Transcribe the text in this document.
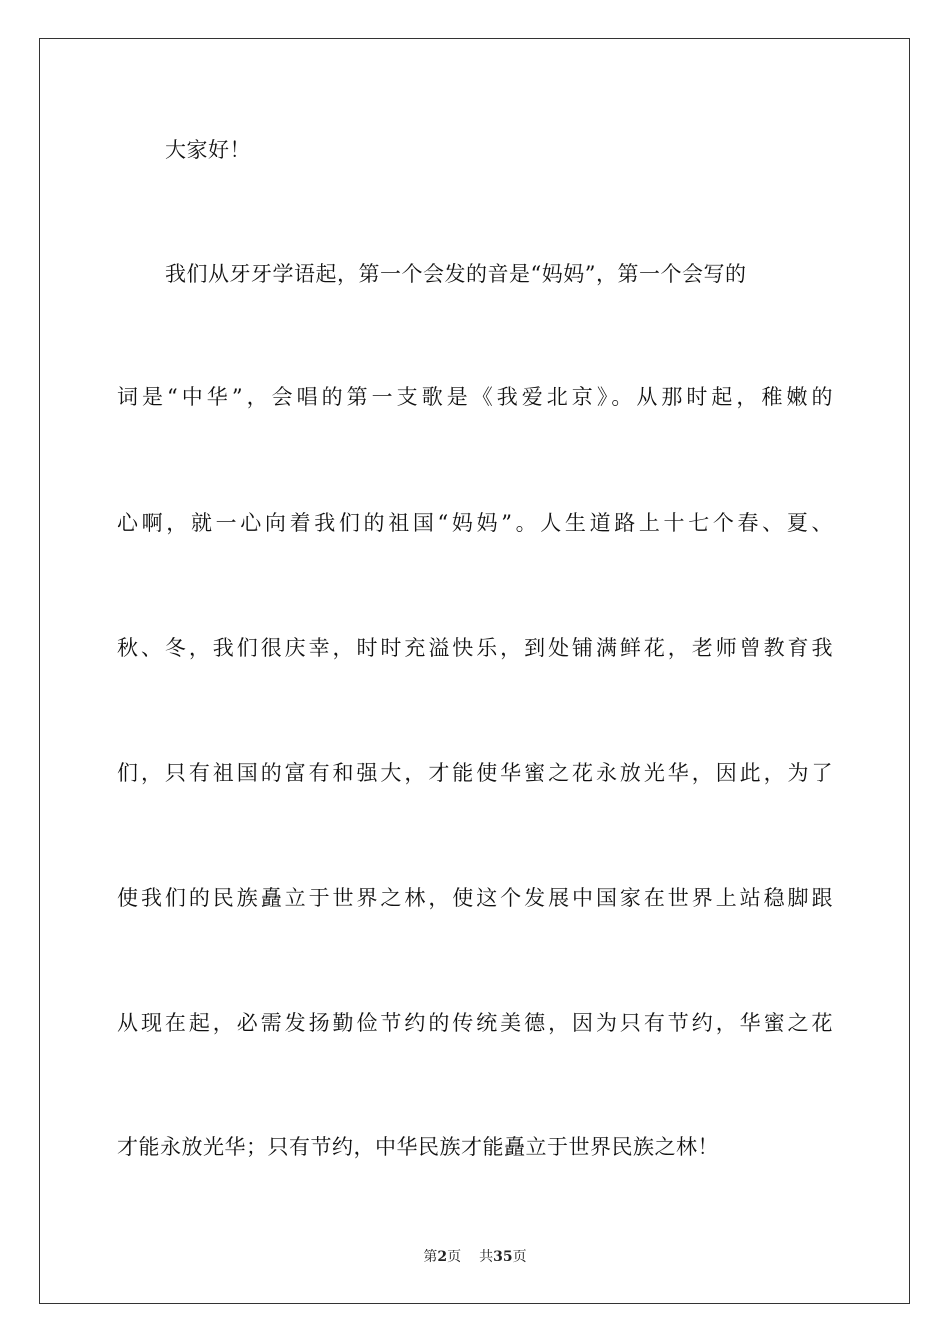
大家好！
我们从牙牙学语起，第一个会发的音是“妈妈”，第一个会写的
词是“中华”，会唱的第一支歌是《我爱北京》。从那时起，稚嫩的
心啊，就一心向着我们的祖国“妈妈”。人生道路上十七个春、夏、
秋、冬，我们很庆幸，时时充溢快乐，到处铺满鲜花，老师曾教育我
们，只有祖国的富有和强大，才能使华蜜之花永放光华，因此，为了
使我们的民族矗立于世界之林，使这个发展中国家在世界上站稳脚跟
从现在起，必需发扬勤俭节约的传统美德，因为只有节约，华蜜之花
才能永放光华；只有节约，中华民族才能矗立于世界民族之林！
第2页 共35页
